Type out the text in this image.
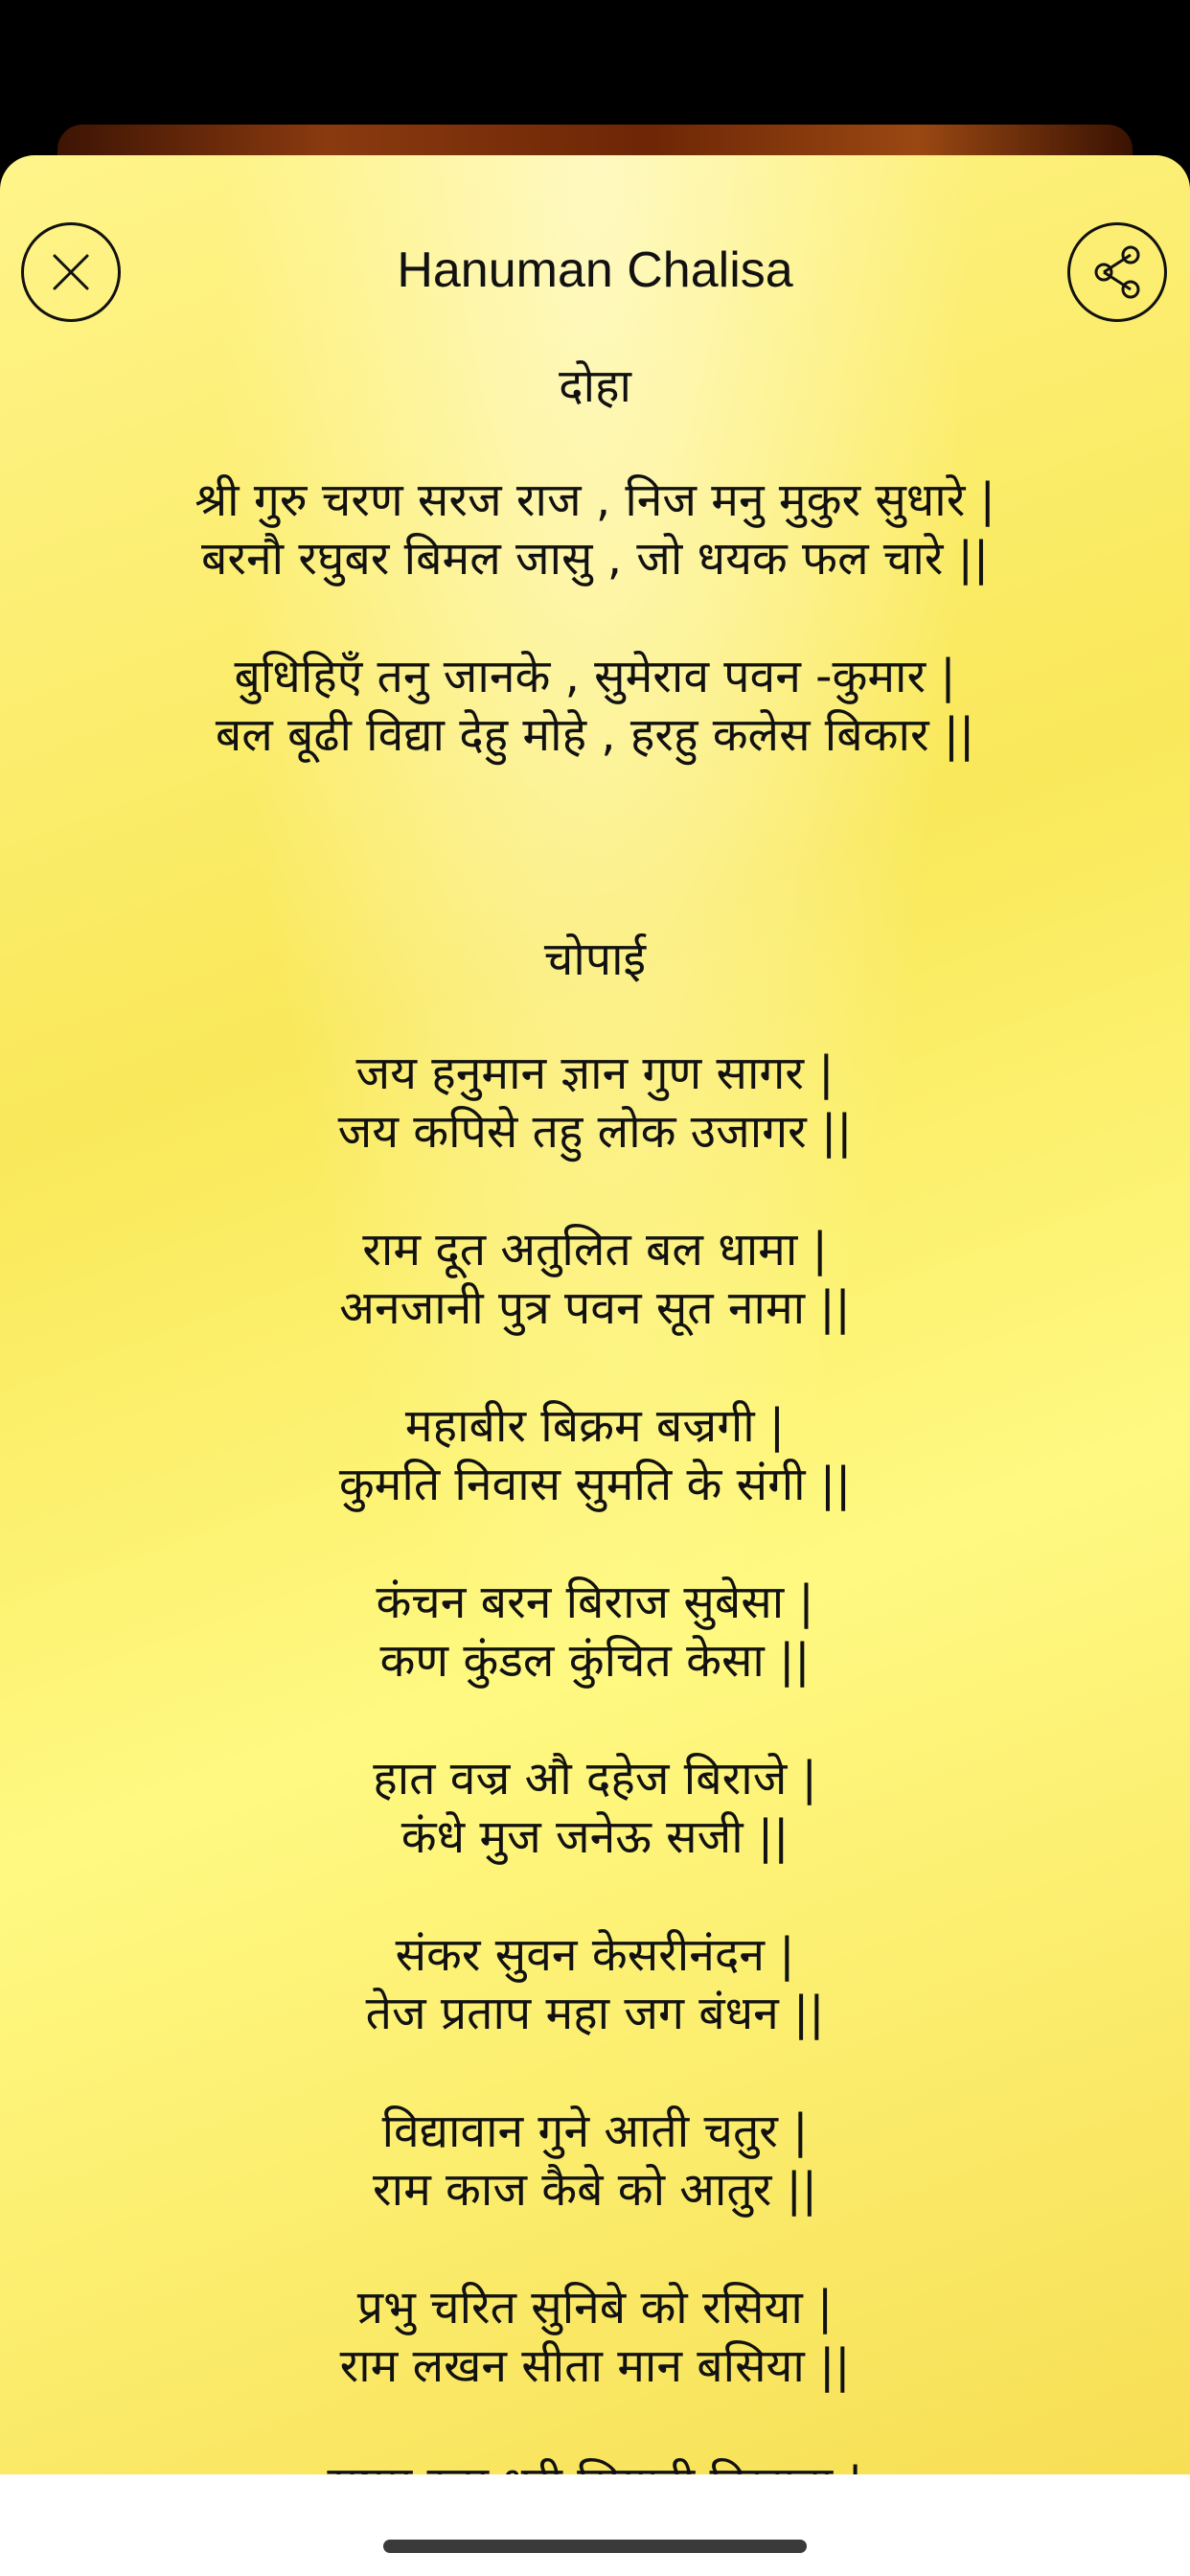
Hanuman Chalisa

दोहा

श्री गुरु चरण सरज राज , निज मनु मुकुर सुधारे |

बरनौ रघुबर बिमल जासु , जो धयक फल चारे ||

बुधिहिएँ तनु जानके , सुमेराव पवन -कुमार |

बल बूढी विद्या देहु मोहे , हरहु कलेस बिकार ||

चोपाई

जय हनुमान ज्ञान गुण सागर |

जय कपिसे तहु लोक उजागर ||

राम दूत अतुलित बल धामा |

अनजानी पुत्र पवन सूत नामा ||

महाबीर बिक्रम बज्रगी |

कुमति निवास सुमति के संगी ||

कंचन बरन बिराज सुबेसा |

कण कुंडल कुंचित केसा ||

हात वज्र औ दहेज बिराजे |

कंधे मुज जनेऊ सजी ||

संकर सुवन केसरीनंदन |

तेज प्रताप महा जग बंधन ||

विद्यावान गुने आती चतुर |

राम काज कैबे को आतुर ||

प्रभु चरित सुनिबे को रसिया |

राम लखन सीता मान बसिया ||
